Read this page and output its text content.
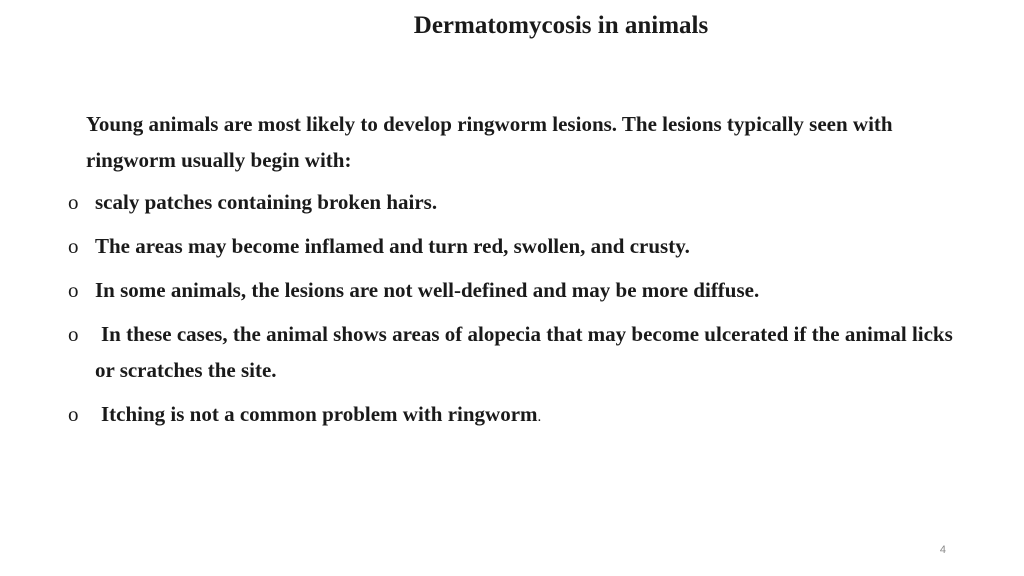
Dermatomycosis in animals

Young animals are most likely to develop ringworm lesions. The lesions typically seen with ringworm usually begin with:

o scaly patches containing broken hairs.
o The areas may become inflamed and turn red, swollen, and crusty.
o In some animals, the lesions are not well-defined and may be more diffuse.
o In these cases, the animal shows areas of alopecia that may become ulcerated if the animal licks or scratches the site.
o Itching is not a common problem with ringworm.
4
